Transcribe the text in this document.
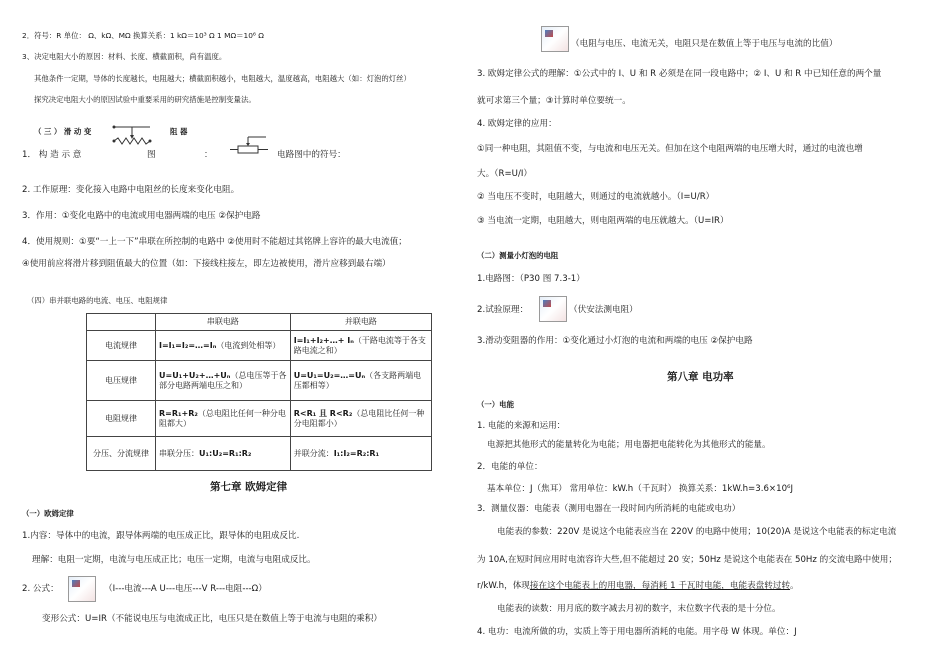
2．符号：R 单位： Ω、kΩ、MΩ 换算关系：1 kΩ＝10³ Ω 1 MΩ＝10⁶ Ω
3、决定电阻大小的原因：材料、长度、横截面积，尚有温度。
其他条件一定期，导体的长度越长，电阻越大；横截面积越小，电阻越大，温度越高，电阻越大（如：灯泡的灯丝）
探究决定电阻大小的原因试验中重要采用的研究措施是控制变量法。
（ 三 ） 滑 动 变	阻 器
1． 构 造 示 意	图	：	电路图中的符号：
2. 工作原理：变化接入电路中电阻丝的长度来变化电阻。
3．作用：①变化电路中的电流或用电器两端的电压 ②保护电路
4．使用规则：①要“一上一下”串联在所控制的电路中 ②使用时不能超过其铭牌上容许的最大电流值；
④使用前应将滑片移到阻值最大的位置（如：下接线柱接左，即左边被使用，滑片应移到最右端）
（四）串并联电路的电流、电压、电阻规律
	串联电路	并联电路
电流规律	I=I₁=I₂=…=Iₙ（电流到处相等）	I=I₁+I₂+…+ Iₙ（干路电流等于各支路电流之和）
电压规律	U=U₁+U₂+…+Uₙ（总电压等于各部分电路两端电压之和）	U=U₁=U₂=…=Uₙ（各支路两端电压都相等）
电阻规律	R=R₁+R₂（总电阻比任何一种分电阻都大）	R<R₁ 且 R<R₂（总电阻比任何一种分电阻都小）
分压、分流规律	串联分压：U₁:U₂=R₁:R₂	并联分流：I₁:I₂=R₂:R₁
第七章 欧姆定律
（一）欧姆定律
1.内容：导体中的电流，跟导体两端的电压成正比，跟导体的电阻成反比.
理解：电阻一定期，电流与电压成正比；电压一定期，电流与电阻成反比。
2. 公式：	（I---电流---A U---电压---V R---电阻---Ω）
变形公式：U=IR（不能说电压与电流成正比，电压只是在数值上等于电流与电阻的乘积）
（电阻与电压、电流无关，电阻只是在数值上等于电压与电流的比值）
3. 欧姆定律公式的理解：①公式中的 I、U 和 R 必须是在同一段电路中；② I、U 和 R 中已知任意的两个量
就可求第三个量；③计算时单位要统一。
4. 欧姆定律的应用：
①同一种电阻，其阻值不变，与电流和电压无关。但加在这个电阻两端的电压增大时，通过的电流也增
大。（R=U/I）
② 当电压不变时，电阻越大，则通过的电流就越小。（I=U/R）
③ 当电流一定期，电阻越大，则电阻两端的电压就越大。（U=IR）
（二）测量小灯泡的电阻
1.电路图：（P30 图 7.3-1）
2.试验原理：	（伏安法测电阻）
3.滑动变阻器的作用：①变化通过小灯泡的电流和两端的电压 ②保护电路
第八章 电功率
（一）电能
1. 电能的来源和运用：
电源把其他形式的能量转化为电能；用电器把电能转化为其他形式的能量。
2．电能的单位：
基本单位：J（焦耳） 常用单位：kW.h（千瓦时） 换算关系：1kW.h=3.6×10⁶J
3．测量仪器：电能表（测用电器在一段时间内所消耗的电能或电功）
电能表的参数：220V 是说这个电能表应当在 220V 的电路中使用；10(20)A 是说这个电能表的标定电流
为 10A,在短时间应用时电流容许大些,但不能超过 20 安；50Hz 是说这个电能表在 50Hz 的交流电路中使用；
r/kW.h，体现接在这个电能表上的用电器，每消耗 1 千瓦时电能，电能表盘转过转。
电能表的读数：用月底的数字减去月初的数字，末位数字代表的是十分位。
4. 电功：电流所做的功，实质上等于用电器所消耗的电能。用字母 W 体现。单位：J
